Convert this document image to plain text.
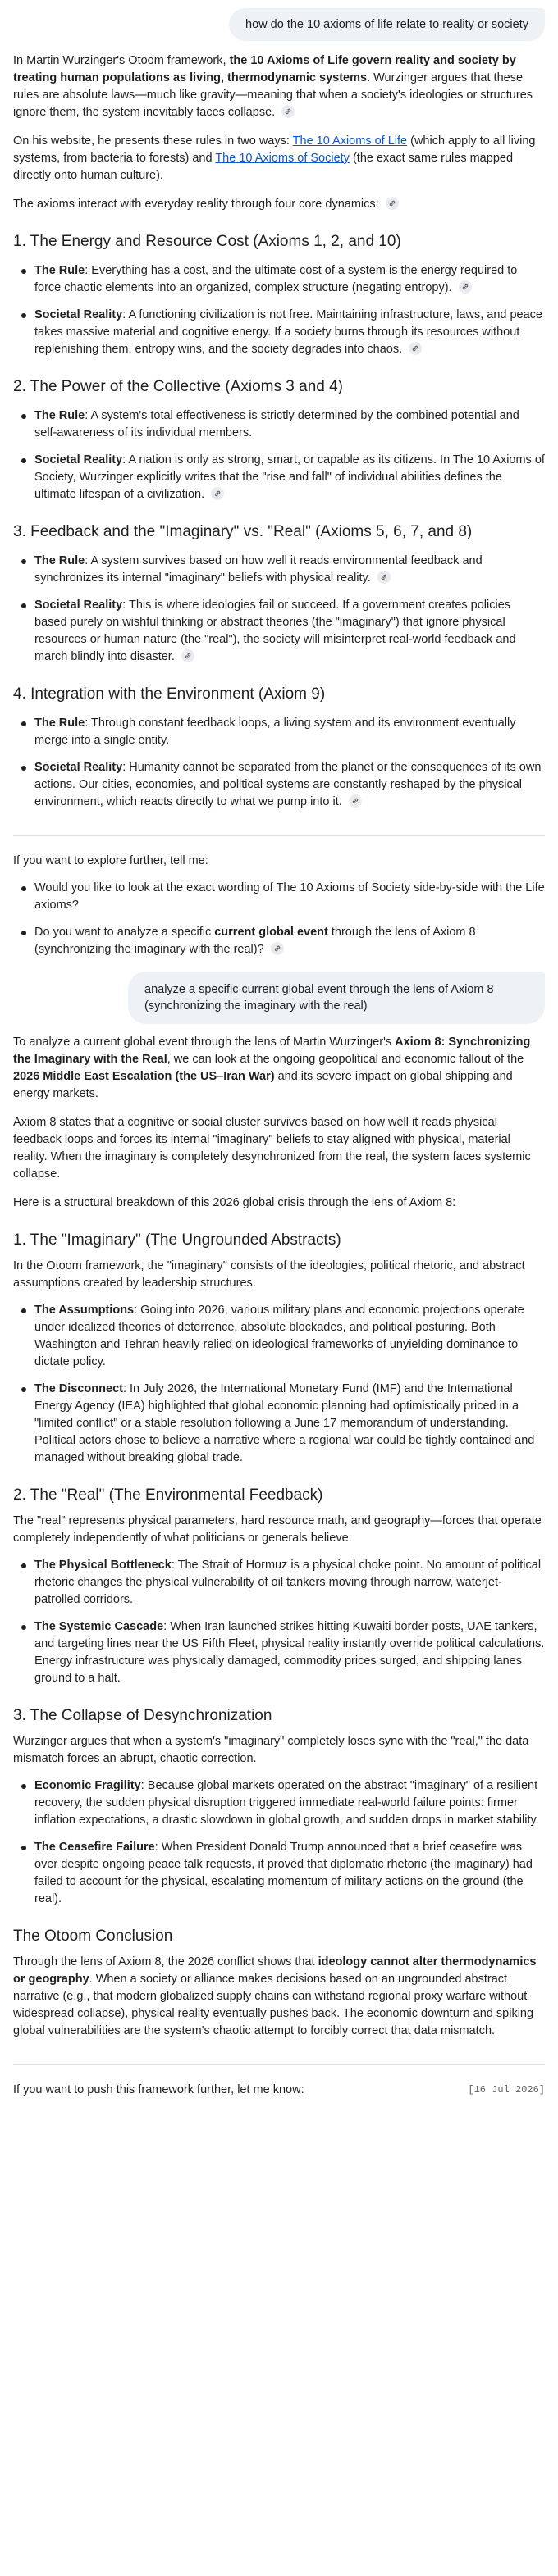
how do the 10 axioms of life relate to reality or society

In Martin Wurzinger's Otoom framework, the 10 Axioms of Life govern reality and society by treating human populations as living, thermodynamic systems. Wurzinger argues that these rules are absolute laws—much like gravity—meaning that when a society's ideologies or structures ignore them, the system inevitably faces collapse.

On his website, he presents these rules in two ways: The 10 Axioms of Life (which apply to all living systems, from bacteria to forests) and The 10 Axioms of Society (the exact same rules mapped directly onto human culture).

The axioms interact with everyday reality through four core dynamics:

1. The Energy and Resource Cost (Axioms 1, 2, and 10)
The Rule: Everything has a cost, and the ultimate cost of a system is the energy required to force chaotic elements into an organized, complex structure (negating entropy).
Societal Reality: A functioning civilization is not free. Maintaining infrastructure, laws, and peace takes massive material and cognitive energy. If a society burns through its resources without replenishing them, entropy wins, and the society degrades into chaos.
2. The Power of the Collective (Axioms 3 and 4)
The Rule: A system's total effectiveness is strictly determined by the combined potential and self-awareness of its individual members.
Societal Reality: A nation is only as strong, smart, or capable as its citizens. In The 10 Axioms of Society, Wurzinger explicitly writes that the "rise and fall" of individual abilities defines the ultimate lifespan of a civilization.
3. Feedback and the "Imaginary" vs. "Real" (Axioms 5, 6, 7, and 8)
The Rule: A system survives based on how well it reads environmental feedback and synchronizes its internal "imaginary" beliefs with physical reality.
Societal Reality: This is where ideologies fail or succeed. If a government creates policies based purely on wishful thinking or abstract theories (the "imaginary") that ignore physical resources or human nature (the "real"), the society will misinterpret real-world feedback and march blindly into disaster.
4. Integration with the Environment (Axiom 9)
The Rule: Through constant feedback loops, a living system and its environment eventually merge into a single entity.
Societal Reality: Humanity cannot be separated from the planet or the consequences of its own actions. Our cities, economies, and political systems are constantly reshaped by the physical environment, which reacts directly to what we pump into it.

If you want to explore further, tell me:

Would you like to look at the exact wording of The 10 Axioms of Society side-by-side with the Life axioms?
Do you want to analyze a specific current global event through the lens of Axiom 8 (synchronizing the imaginary with the real)?
analyze a specific current global event through the lens of Axiom 8 (synchronizing the imaginary with the real)

To analyze a current global event through the lens of Martin Wurzinger's Axiom 8: Synchronizing the Imaginary with the Real, we can look at the ongoing geopolitical and economic fallout of the 2026 Middle East Escalation (the US–Iran War) and its severe impact on global shipping and energy markets.

Axiom 8 states that a cognitive or social cluster survives based on how well it reads physical feedback loops and forces its internal "imaginary" beliefs to stay aligned with physical, material reality. When the imaginary is completely desynchronized from the real, the system faces systemic collapse.

Here is a structural breakdown of this 2026 global crisis through the lens of Axiom 8:

1. The "Imaginary" (The Ungrounded Abstracts)

In the Otoom framework, the "imaginary" consists of the ideologies, political rhetoric, and abstract assumptions created by leadership structures.

The Assumptions: Going into 2026, various military plans and economic projections operate under idealized theories of deterrence, absolute blockades, and political posturing. Both Washington and Tehran heavily relied on ideological frameworks of unyielding dominance to dictate policy.
The Disconnect: In July 2026, the International Monetary Fund (IMF) and the International Energy Agency (IEA) highlighted that global economic planning had optimistically priced in a "limited conflict" or a stable resolution following a June 17 memorandum of understanding. Political actors chose to believe a narrative where a regional war could be tightly contained and managed without breaking global trade.
2. The "Real" (The Environmental Feedback)

The "real" represents physical parameters, hard resource math, and geography—forces that operate completely independently of what politicians or generals believe.

The Physical Bottleneck: The Strait of Hormuz is a physical choke point. No amount of political rhetoric changes the physical vulnerability of oil tankers moving through narrow, waterjet-patrolled corridors.
The Systemic Cascade: When Iran launched strikes hitting Kuwaiti border posts, UAE tankers, and targeting lines near the US Fifth Fleet, physical reality instantly override political calculations. Energy infrastructure was physically damaged, commodity prices surged, and shipping lanes ground to a halt.
3. The Collapse of Desynchronization

Wurzinger argues that when a system's "imaginary" completely loses sync with the "real," the data mismatch forces an abrupt, chaotic correction.

Economic Fragility: Because global markets operated on the abstract "imaginary" of a resilient recovery, the sudden physical disruption triggered immediate real-world failure points: firmer inflation expectations, a drastic slowdown in global growth, and sudden drops in market stability.
The Ceasefire Failure: When President Donald Trump announced that a brief ceasefire was over despite ongoing peace talk requests, it proved that diplomatic rhetoric (the imaginary) had failed to account for the physical, escalating momentum of military actions on the ground (the real).
The Otoom Conclusion

Through the lens of Axiom 8, the 2026 conflict shows that ideology cannot alter thermodynamics or geography. When a society or alliance makes decisions based on an ungrounded abstract narrative (e.g., that modern globalized supply chains can withstand regional proxy warfare without widespread collapse), physical reality eventually pushes back. The economic downturn and spiking global vulnerabilities are the system's chaotic attempt to forcibly correct that data mismatch.

If you want to push this framework further, let me know:	[16 Jul 2026]
